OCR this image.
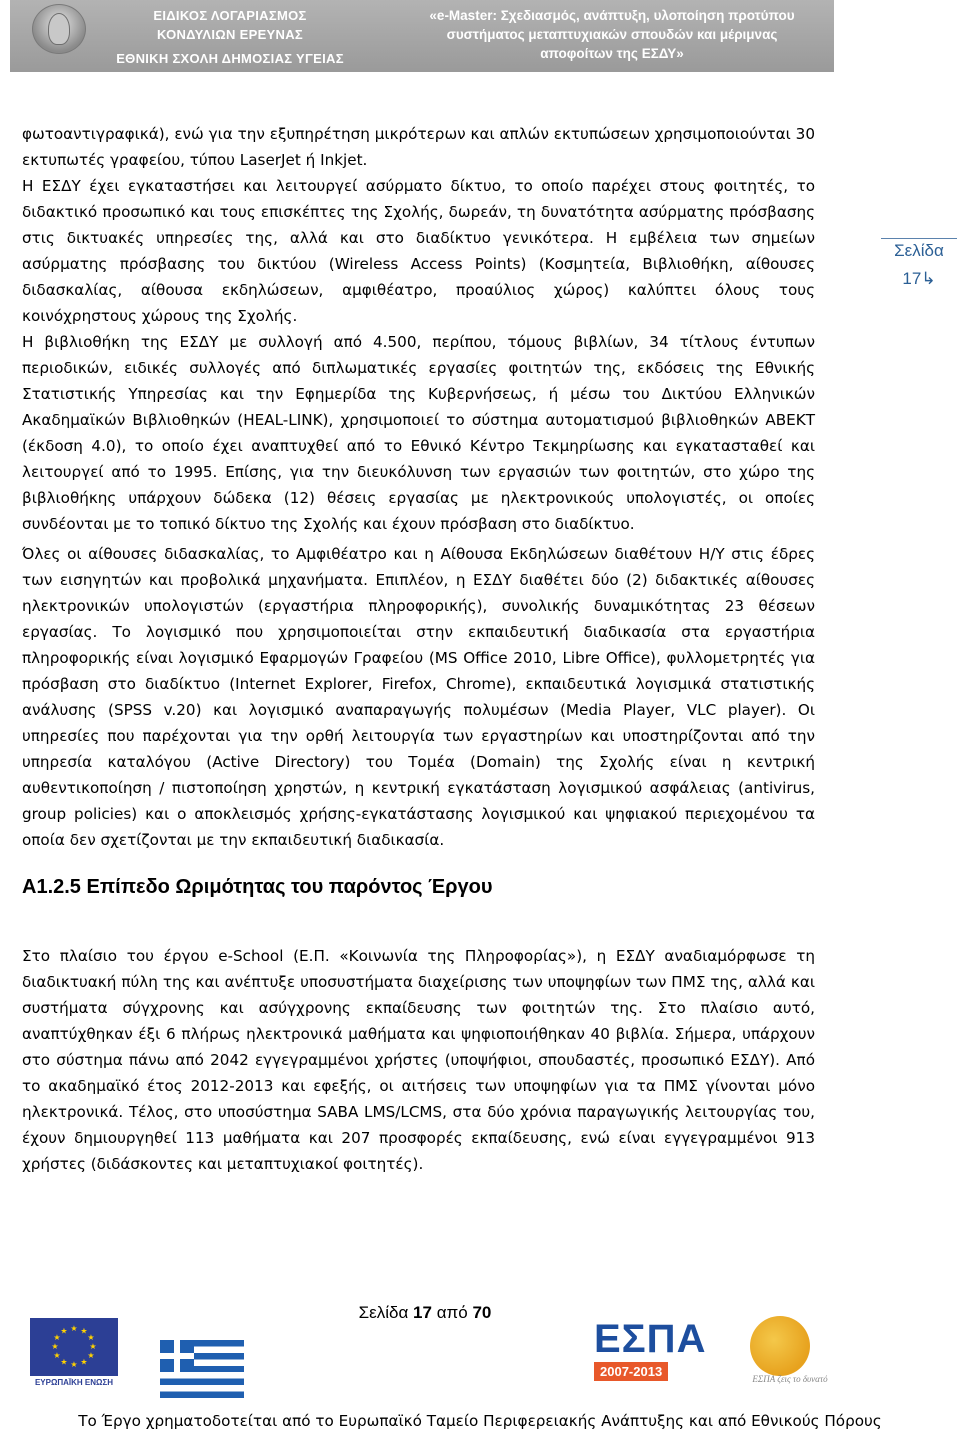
ΕΙΔΙΚΟΣ ΛΟΓΑΡΙΑΣΜΟΣ
ΚΟΝΔΥΛΙΩΝ ΕΡΕΥΝΑΣ
ΕΘΝΙΚΗ ΣΧΟΛΗ ΔΗΜΟΣΙΑΣ ΥΓΕΙΑΣ
«e-Master: Σχεδιασμός, ανάπτυξη, υλοποίηση προτύπου
συστήματος μεταπτυχιακών σπουδών και μέριμνας
αποφοίτων της ΕΣΔΥ»

φωτοαντιγραφικά), ενώ για την εξυπηρέτηση μικρότερων και απλών εκτυπώσεων χρησιμοποιούνται 30 εκτυπωτές γραφείου, τύπου LaserJet ή Inkjet.

Η ΕΣΔΥ έχει εγκαταστήσει και λειτουργεί ασύρματο δίκτυο, το οποίο παρέχει στους φοιτητές, το διδακτικό προσωπικό και τους επισκέπτες της Σχολής, δωρεάν, τη δυνατότητα ασύρματης πρόσβασης στις δικτυακές υπηρεσίες της, αλλά και στο διαδίκτυο γενικότερα. Η εμβέλεια των σημείων ασύρματης πρόσβασης του δικτύου (Wireless Access Points) (Κοσμητεία, Βιβλιοθήκη, αίθουσες διδασκαλίας, αίθουσα εκδηλώσεων, αμφιθέατρο, προαύλιος χώρος) καλύπτει όλους τους κοινόχρηστους χώρους της Σχολής.

Η βιβλιοθήκη της ΕΣΔΥ με συλλογή από 4.500, περίπου, τόμους βιβλίων, 34 τίτλους έντυπων περιοδικών, ειδικές συλλογές από διπλωματικές εργασίες φοιτητών της, εκδόσεις της Εθνικής Στατιστικής Υπηρεσίας και την Εφημερίδα της Κυβερνήσεως, ή μέσω του Δικτύου Ελληνικών Ακαδημαϊκών Βιβλιοθηκών (HEAL-LINK), χρησιμοποιεί το σύστημα αυτοματισμού βιβλιοθηκών ΑΒΕΚΤ (έκδοση 4.0), το οποίο έχει αναπτυχθεί από το Εθνικό Κέντρο Τεκμηρίωσης και εγκατασταθεί και λειτουργεί από το 1995. Επίσης, για την διευκόλυνση των εργασιών των φοιτητών, στο χώρο της βιβλιοθήκης υπάρχουν δώδεκα (12) θέσεις εργασίας με ηλεκτρονικούς υπολογιστές, οι οποίες συνδέονται με το τοπικό δίκτυο της Σχολής και έχουν πρόσβαση στο διαδίκτυο.

Όλες οι αίθουσες διδασκαλίας, το Αμφιθέατρο και η Αίθουσα Εκδηλώσεων διαθέτουν Η/Υ στις έδρες των εισηγητών και προβολικά μηχανήματα. Επιπλέον, η ΕΣΔΥ διαθέτει δύο (2) διδακτικές αίθουσες ηλεκτρονικών υπολογιστών (εργαστήρια πληροφορικής), συνολικής δυναμικότητας 23 θέσεων εργασίας. Το λογισμικό που χρησιμοποιείται στην εκπαιδευτική διαδικασία στα εργαστήρια πληροφορικής είναι λογισμικό Εφαρμογών Γραφείου (MS Office 2010, Libre Office), φυλλομετρητές για πρόσβαση στο διαδίκτυο (Internet Explorer, Firefox, Chrome), εκπαιδευτικά λογισμικά στατιστικής ανάλυσης (SPSS v.20) και λογισμικό αναπαραγωγής πολυμέσων (Media Player, VLC player). Οι υπηρεσίες που παρέχονται για την ορθή λειτουργία των εργαστηρίων και υποστηρίζονται από την υπηρεσία καταλόγου (Active Directory) του Τομέα (Domain) της Σχολής είναι η κεντρική αυθεντικοποίηση / πιστοποίηση χρηστών, η κεντρική εγκατάσταση λογισμικού ασφάλειας (antivirus, group policies) και ο αποκλεισμός χρήσης-εγκατάστασης λογισμικού και ψηφιακού περιεχομένου τα οποία δεν σχετίζονται με την εκπαιδευτική διαδικασία.

Α1.2.5 Επίπεδο Ωριμότητας του παρόντος Έργου

Στο πλαίσιο του έργου e-School (Ε.Π. «Κοινωνία της Πληροφορίας»), η ΕΣΔΥ αναδιαμόρφωσε τη διαδικτυακή πύλη της και ανέπτυξε υποσυστήματα διαχείρισης των υποψηφίων των ΠΜΣ της, αλλά και συστήματα σύγχρονης και ασύγχρονης εκπαίδευσης των φοιτητών της. Στο πλαίσιο αυτό, αναπτύχθηκαν έξι 6 πλήρως ηλεκτρονικά μαθήματα και ψηφιοποιήθηκαν 40 βιβλία. Σήμερα, υπάρχουν στο σύστημα πάνω από 2042 εγγεγραμμένοι χρήστες (υποψήφιοι, σπουδαστές, προσωπικό ΕΣΔΥ). Από το ακαδημαϊκό έτος 2012-2013 και εφεξής, οι αιτήσεις των υποψηφίων για τα ΠΜΣ γίνονται μόνο ηλεκτρονικά. Τέλος, στο υποσύστημα SABA LMS/LCMS, στα δύο χρόνια παραγωγικής λειτουργίας του, έχουν δημιουργηθεί 113 μαθήματα και 207 προσφορές εκπαίδευσης, ενώ είναι εγγεγραμμένοι 913 χρήστες (διδάσκοντες και μεταπτυχιακοί φοιτητές).

Σελίδα
17↳
Σελίδα 17 από 70
★ ★
★
★
★
★
★
★
★
★
★
★
ΕΥΡΩΠΑΪΚΗ ΕΝΩΣΗ
ΕΣΠΑ
2007-2013	ΕΣΠΑ ζεις το δυνατό
Το Έργο χρηματοδοτείται από το Ευρωπαϊκό Ταμείο Περιφερειακής Ανάπτυξης και από Εθνικούς Πόρους
